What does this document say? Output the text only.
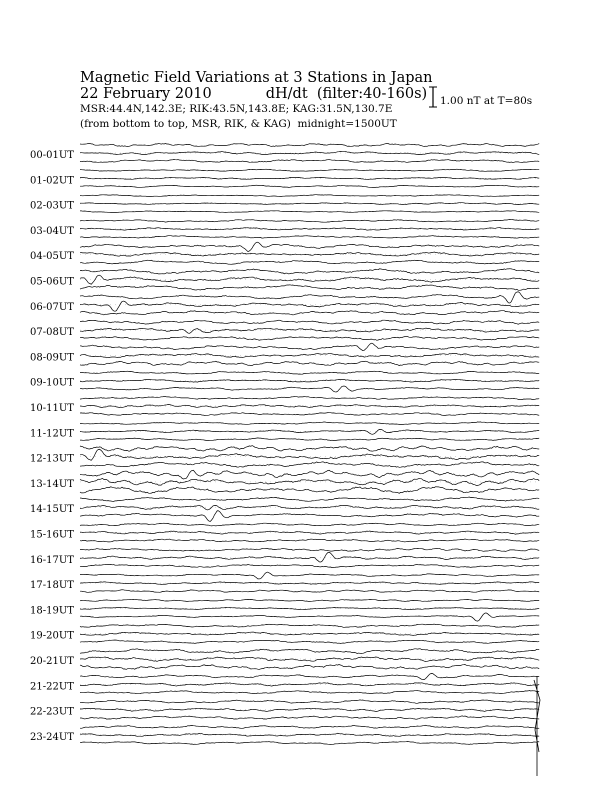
Magnetic Field Variations at 3 Stations in Japan
22 February 2010	dH/dt (filter:40-160s)
MSR:44.4N,142.3E; RIK:43.5N,143.8E; KAG:31.5N,130.7E
(from bottom to top, MSR, RIK, & KAG) midnight=1500UT
1.00 nT at T=80s
00-01UT
01-02UT
02-03UT
03-04UT
04-05UT
05-06UT
06-07UT
07-08UT
08-09UT
09-10UT
10-11UT
11-12UT
12-13UT
13-14UT
14-15UT
15-16UT
16-17UT
17-18UT
18-19UT
19-20UT
20-21UT
21-22UT
22-23UT
23-24UT
